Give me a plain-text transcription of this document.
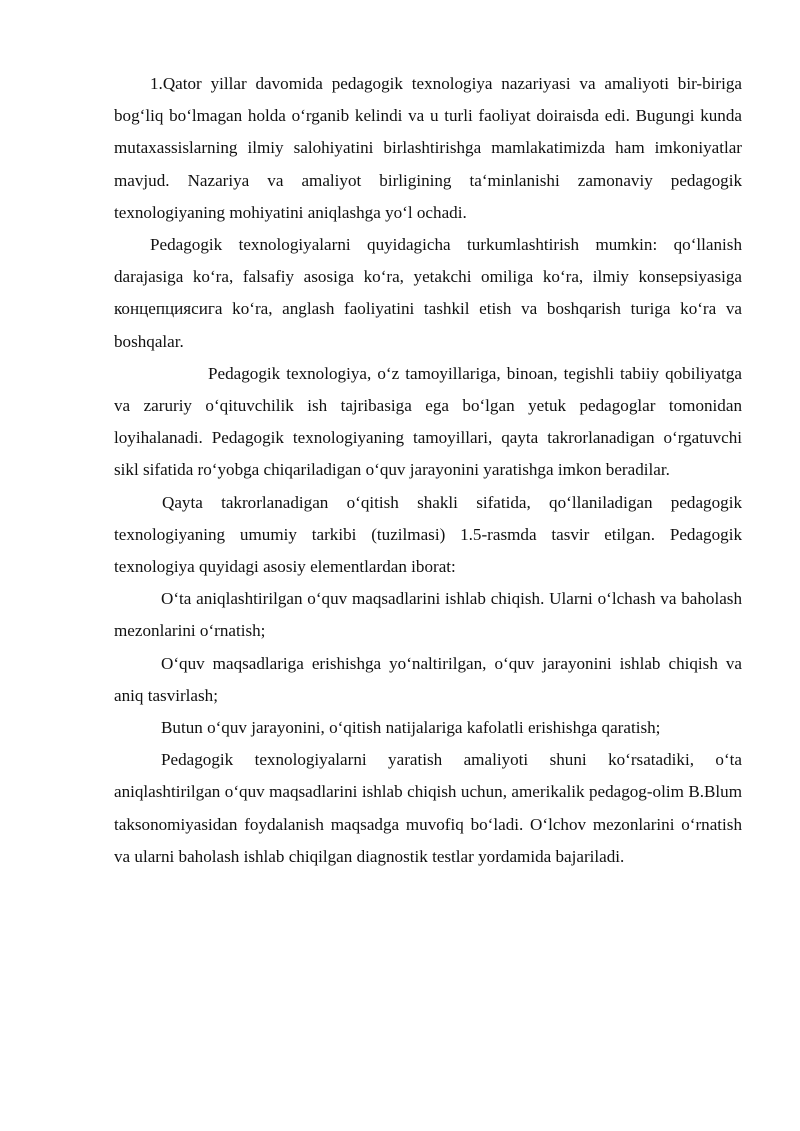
1.Qator yillar davomida pedagogik texnologiya nazariyasi va amaliyoti bir-biriga bog‘liq bo‘lmagan holda o‘rganib kelindi va u turli faoliyat doiraisda edi. Bugungi kunda mutaxassislarning ilmiy salohiyatini birlashtirishga mamlakatimizda ham imkoniyatlar mavjud. Nazariya va amaliyot birligining ta‘minlanishi zamonaviy pedagogik texnologiyaning mohiyatini aniqlashga yo‘l ochadi.

Pedagogik texnologiyalarni quyidagicha turkumlashtirish mumkin: qo‘llanish darajasiga ko‘ra, falsafiy asosiga ko‘ra, yetakchi omiliga ko‘ra, ilmiy konsepsiyasiga концепциясига ko‘ra, anglash faoliyatini tashkil etish va boshqarish turiga ko‘ra va boshqalar.

Pedagogik texnologiya, o‘z tamoyillariga, binoan, tegishli tabiiy qobiliyatga va zaruriy o‘qituvchilik ish tajribasiga ega bo‘lgan yetuk pedagoglar tomonidan loyihalanadi. Pedagogik texnologiyaning tamoyillari, qayta takrorlanadigan o‘rgatuvchi sikl sifatida ro‘yobga chiqariladigan o‘quv jarayonini yaratishga imkon beradilar.

Qayta takrorlanadigan o‘qitish shakli sifatida, qo‘llaniladigan pedagogik texnologiyaning umumiy tarkibi (tuzilmasi) 1.5-rasmda tasvir etilgan. Pedagogik texnologiya quyidagi asosiy elementlardan iborat:

O‘ta aniqlashtirilgan o‘quv maqsadlarini ishlab chiqish. Ularni o‘lchash va baholash mezonlarini o‘rnatish;

O‘quv maqsadlariga erishishga yo‘naltirilgan, o‘quv jarayonini ishlab chiqish va aniq tasvirlash;

Butun o‘quv jarayonini, o‘qitish natijalariga kafolatli erishishga qaratish;

Pedagogik texnologiyalarni yaratish amaliyoti shuni ko‘rsatadiki, o‘ta aniqlashtirilgan o‘quv maqsadlarini ishlab chiqish uchun, amerikalik pedagog-olim B.Blum taksonomiyasidan foydalanish maqsadga muvofiq bo‘ladi. O‘lchov mezonlarini o‘rnatish va ularni baholash ishlab chiqilgan diagnostik testlar yordamida bajariladi.
